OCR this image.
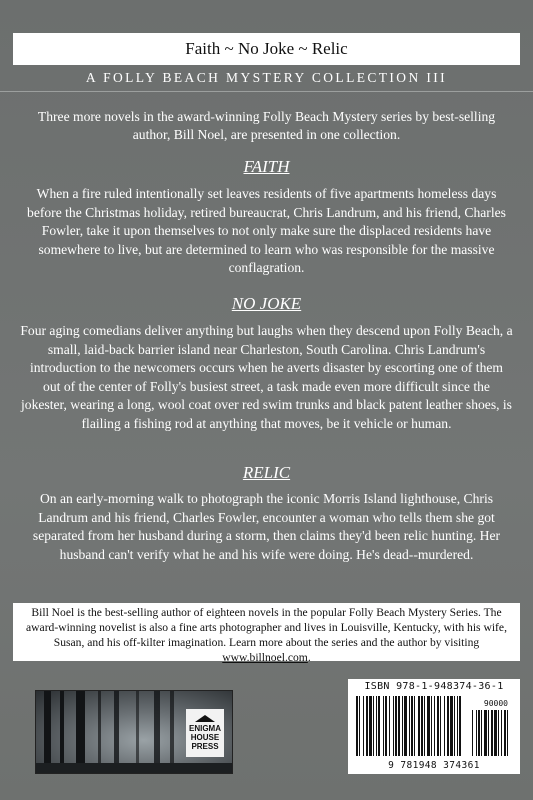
Faith ~ No Joke ~ Relic
A FOLLY BEACH MYSTERY COLLECTION III
Three more novels in the award-winning Folly Beach Mystery series by best-selling author, Bill Noel, are presented in one collection.
FAITH
When a fire ruled intentionally set leaves residents of five apartments homeless days before the Christmas holiday, retired bureaucrat, Chris Landrum, and his friend, Charles Fowler, take it upon themselves to not only make sure the displaced residents have somewhere to live, but are determined to learn who was responsible for the massive conflagration.
NO JOKE
Four aging comedians deliver anything but laughs when they descend upon Folly Beach, a small, laid-back barrier island near Charleston, South Carolina. Chris Landrum's introduction to the newcomers occurs when he averts disaster by escorting one of them out of the center of Folly's busiest street, a task made even more difficult since the jokester, wearing a long, wool coat over red swim trunks and black patent leather shoes, is flailing a fishing rod at anything that moves, be it vehicle or human.
RELIC
On an early-morning walk to photograph the iconic Morris Island lighthouse, Chris Landrum and his friend, Charles Fowler, encounter a woman who tells them she got separated from her husband during a storm, then claims they'd been relic hunting. Her husband can't verify what he and his wife were doing. He's dead--murdered.
Bill Noel is the best-selling author of eighteen novels in the popular Folly Beach Mystery Series. The award-winning novelist is also a fine arts photographer and lives in Louisville, Kentucky, with his wife, Susan, and his off-kilter imagination. Learn more about the series and the author by visiting www.billnoel.com.
ENIGMA
HOUSE
PRESS
ISBN 978-1-948374-36-1
90000
9 781948 374361
